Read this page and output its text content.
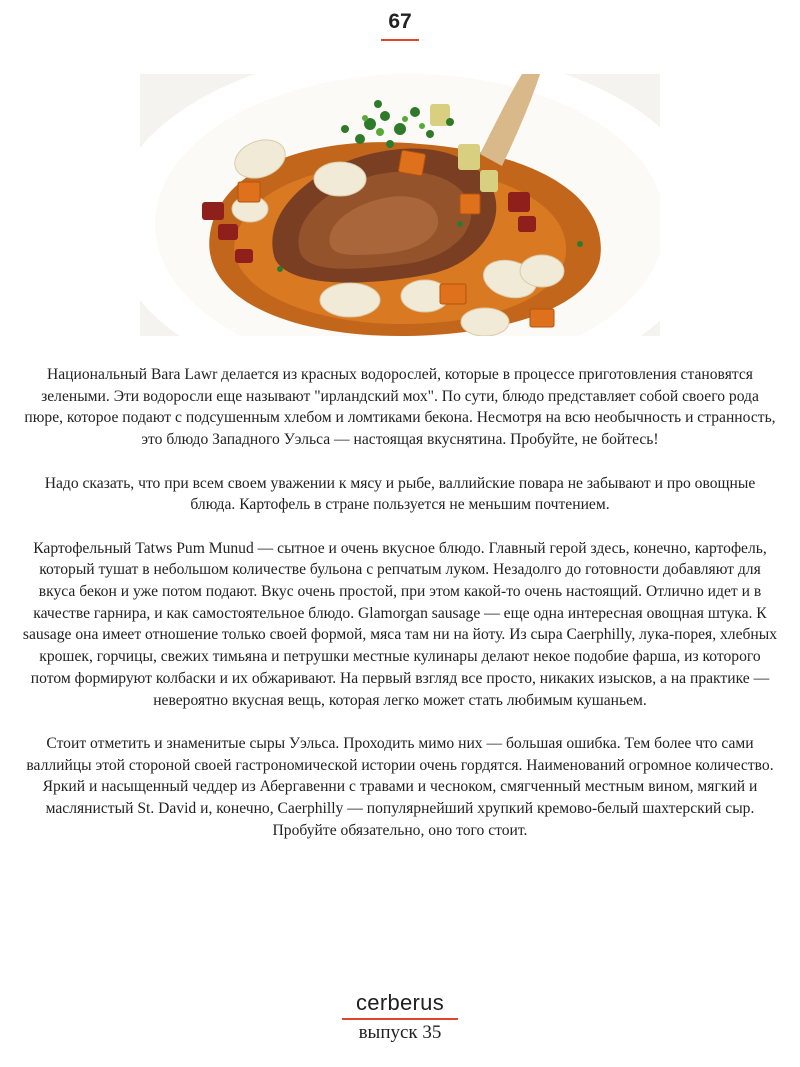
67

Национальный Bara Lawr делается из красных водорослей, которые в процессе приготовления становятся зелеными. Эти водоросли еще называют "ирландский мох". По сути, блюдо представляет собой своего рода пюре, которое подают с подсушенным хлебом и ломтиками бекона. Несмотря на всю необычность и странность, это блюдо Западного Уэльса — настоящая вкуснятина. Пробуйте, не бойтесь!

Надо сказать, что при всем своем уважении к мясу и рыбе, валлийские повара не забывают и про овощные блюда. Картофель в стране пользуется не меньшим почтением.

Картофельный Tatws Pum Munud — сытное и очень вкусное блюдо. Главный герой здесь, конечно, картофель, который тушат в небольшом количестве бульона с репчатым луком. Незадолго до готовности добавляют для вкуса бекон и уже потом подают. Вкус очень простой, при этом какой-то очень настоящий. Отлично идет и в качестве гарнира, и как самостоятельное блюдо. Glamorgan sausage — еще одна интересная овощная штука. К sausage она имеет отношение только своей формой, мяса там ни на йоту. Из сыра Caerphilly, лука-порея, хлебных крошек, горчицы, свежих тимьяна и петрушки местные кулинары делают некое подобие фарша, из которого потом формируют колбаски и их обжаривают. На первый взгляд все просто, никаких изысков, а на практике — невероятно вкусная вещь, которая легко может стать любимым кушаньем.

Стоит отметить и знаменитые сыры Уэльса. Проходить мимо них — большая ошибка. Тем более что сами валлийцы этой стороной своей гастрономической истории очень гордятся. Наименований огромное количество. Яркий и насыщенный чеддер из Абергавенни с травами и чесноком, смягченный местным вином, мягкий и маслянистый St. David и, конечно, Caerphilly — популярнейший хрупкий кремово-белый шахтерский сыр. Пробуйте обязательно, оно того стоит.

cerberus
выпуск 35
